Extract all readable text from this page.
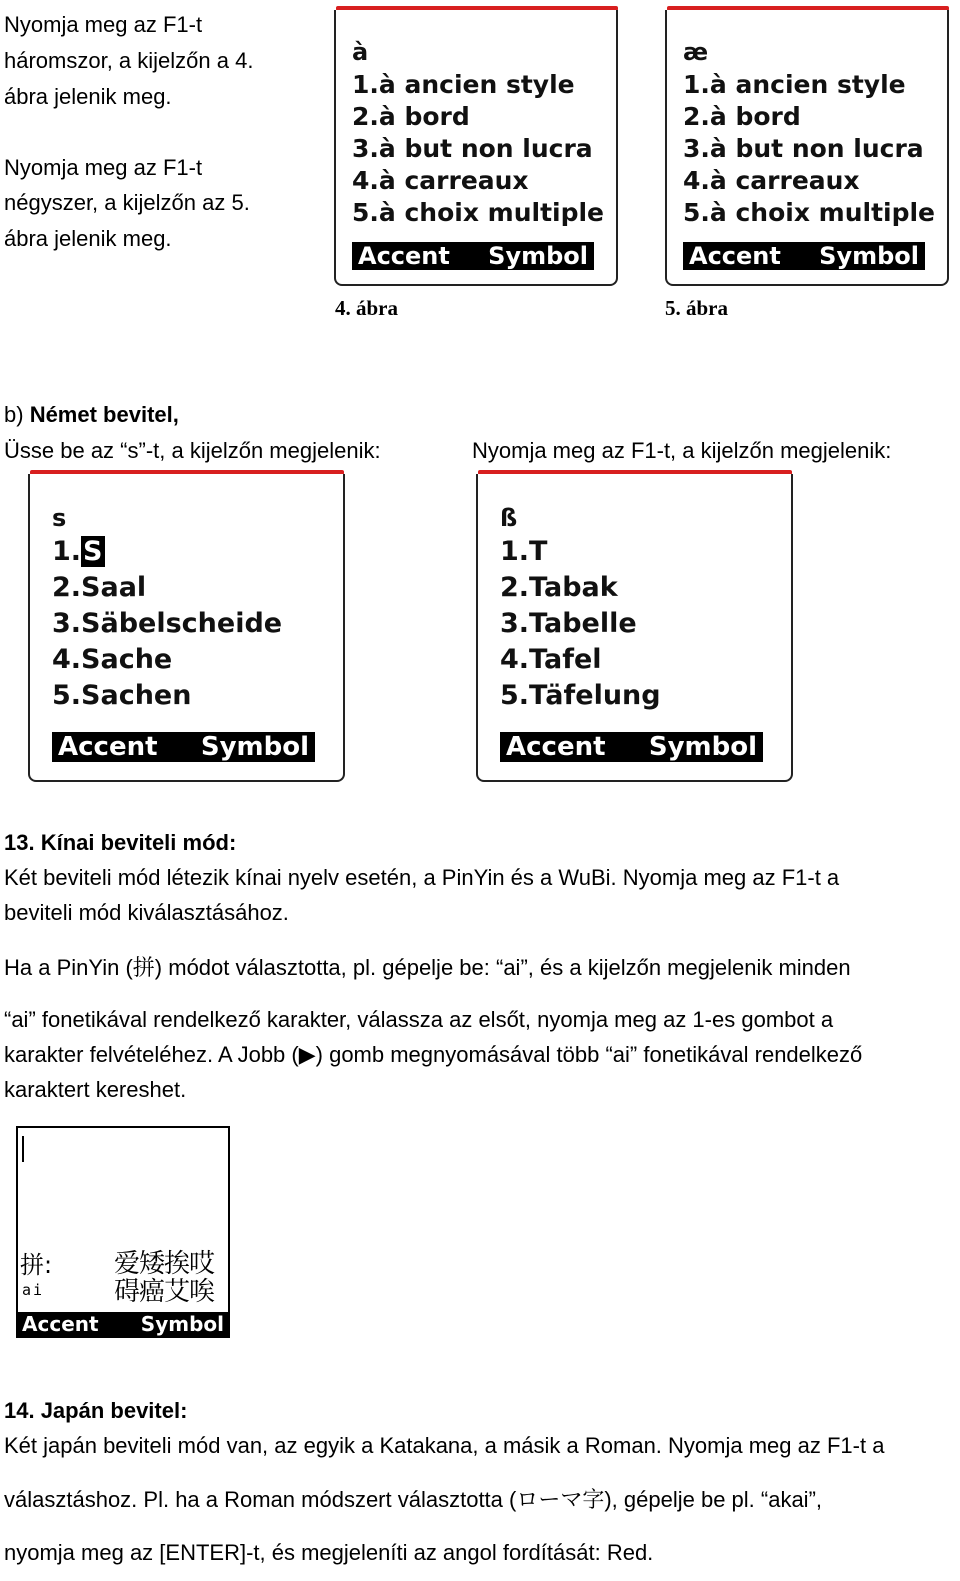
Nyomja meg az F1-t
háromszor, a kijelzőn a 4.
ábra jelenik meg.
Nyomja meg az F1-t
négyszer, a kijelzőn az 5.
ábra jelenik meg.
à
1.à ancien style
2.à bord
3.à but non lucra
4.à carreaux
5.à choix multiple
Accent Symbol
4. ábra
æ
1.à ancien style
2.à bord
3.à but non lucra
4.à carreaux
5.à choix multiple
Accent Symbol
5. ábra
b) Német bevitel,
Üsse be az “s”-t, a kijelzőn megjelenik:	Nyomja meg az F1-t, a kijelzőn megjelenik:
s
1.S
2.Saal
3.Säbelscheide
4.Sache
5.Sachen
Accent Symbol
ß
1.T
2.Tabak
3.Tabelle
4.Tafel
5.Täfelung
Accent Symbol
13. Kínai beviteli mód:
Két beviteli mód létezik kínai nyelv esetén, a PinYin és a WuBi. Nyomja meg az F1-t a
beviteli mód kiválasztásához.
Ha a PinYin (拼) módot választotta, pl. gépelje be: “ai”, és a kijelzőn megjelenik minden
“ai” fonetikával rendelkező karakter, válassza az elsőt, nyomja meg az 1-es gombot a
karakter felvételéhez. A Jobb (▶) gomb megnyomásával több “ai” fonetikával rendelkező
karaktert kereshet.
拼:
ai
爱矮挨哎
碍癌艾唉
Accent Symbol
14. Japán bevitel:
Két japán beviteli mód van, az egyik a Katakana, a másik a Roman. Nyomja meg az F1-t a
választáshoz. Pl. ha a Roman módszert választotta (ローマ字), gépelje be pl. “akai”,
nyomja meg az [ENTER]-t, és megjeleníti az angol fordítását: Red.
